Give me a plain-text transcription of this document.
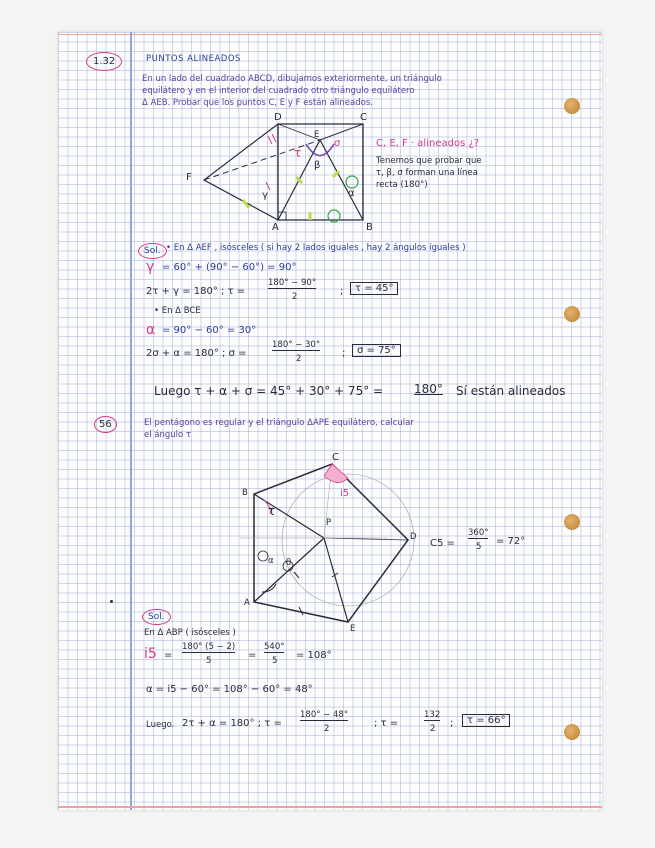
1.32	PUNTOS ALINEADOS
En un lado del cuadrado ABCD, dibujamos exteriormente, un triángulo
equilátero y en el interior del cuadrado otro triángulo equilátero
Δ AEB. Probar que los puntos C, E y F están alineados.
D	C
E
F
A	B
τ
β
σ
α
γ
C, E, F · alineados ¿?
Tenemos que probar que
τ, β, σ forman una línea
recta (180°)
Sol. • En Δ AEF , isósceles ( si hay 2 lados iguales , hay 2 ángulos iguales )
γ = 60° + (90° − 60°) = 90°
2τ + γ = 180° ; τ =
180° − 90°
2	;	τ = 45°
• En Δ BCE
α = 90° − 60° = 30°
2σ + α = 180° ; σ =
180° − 30°
2	;	σ = 75°
Luego τ + α + σ = 45° + 30° + 75° =	180° Sí están alineados
56	El pentágono es regular y el triángulo ΔAPE equilátero, calcular
el ángulo τ
C
B
P
D
A
E
i5
τ
α θ
C5 =
360°
5 = 72°
Sol.
En Δ ABP ( isósceles )
i5 =
180° (5 − 2)
5	=
540°
5 = 108°
α = i5 − 60° = 108° − 60° = 48°
Luego. 2τ + α = 180° ; τ =
180° − 48°
2	; τ =
132
2 ;	τ = 66°
